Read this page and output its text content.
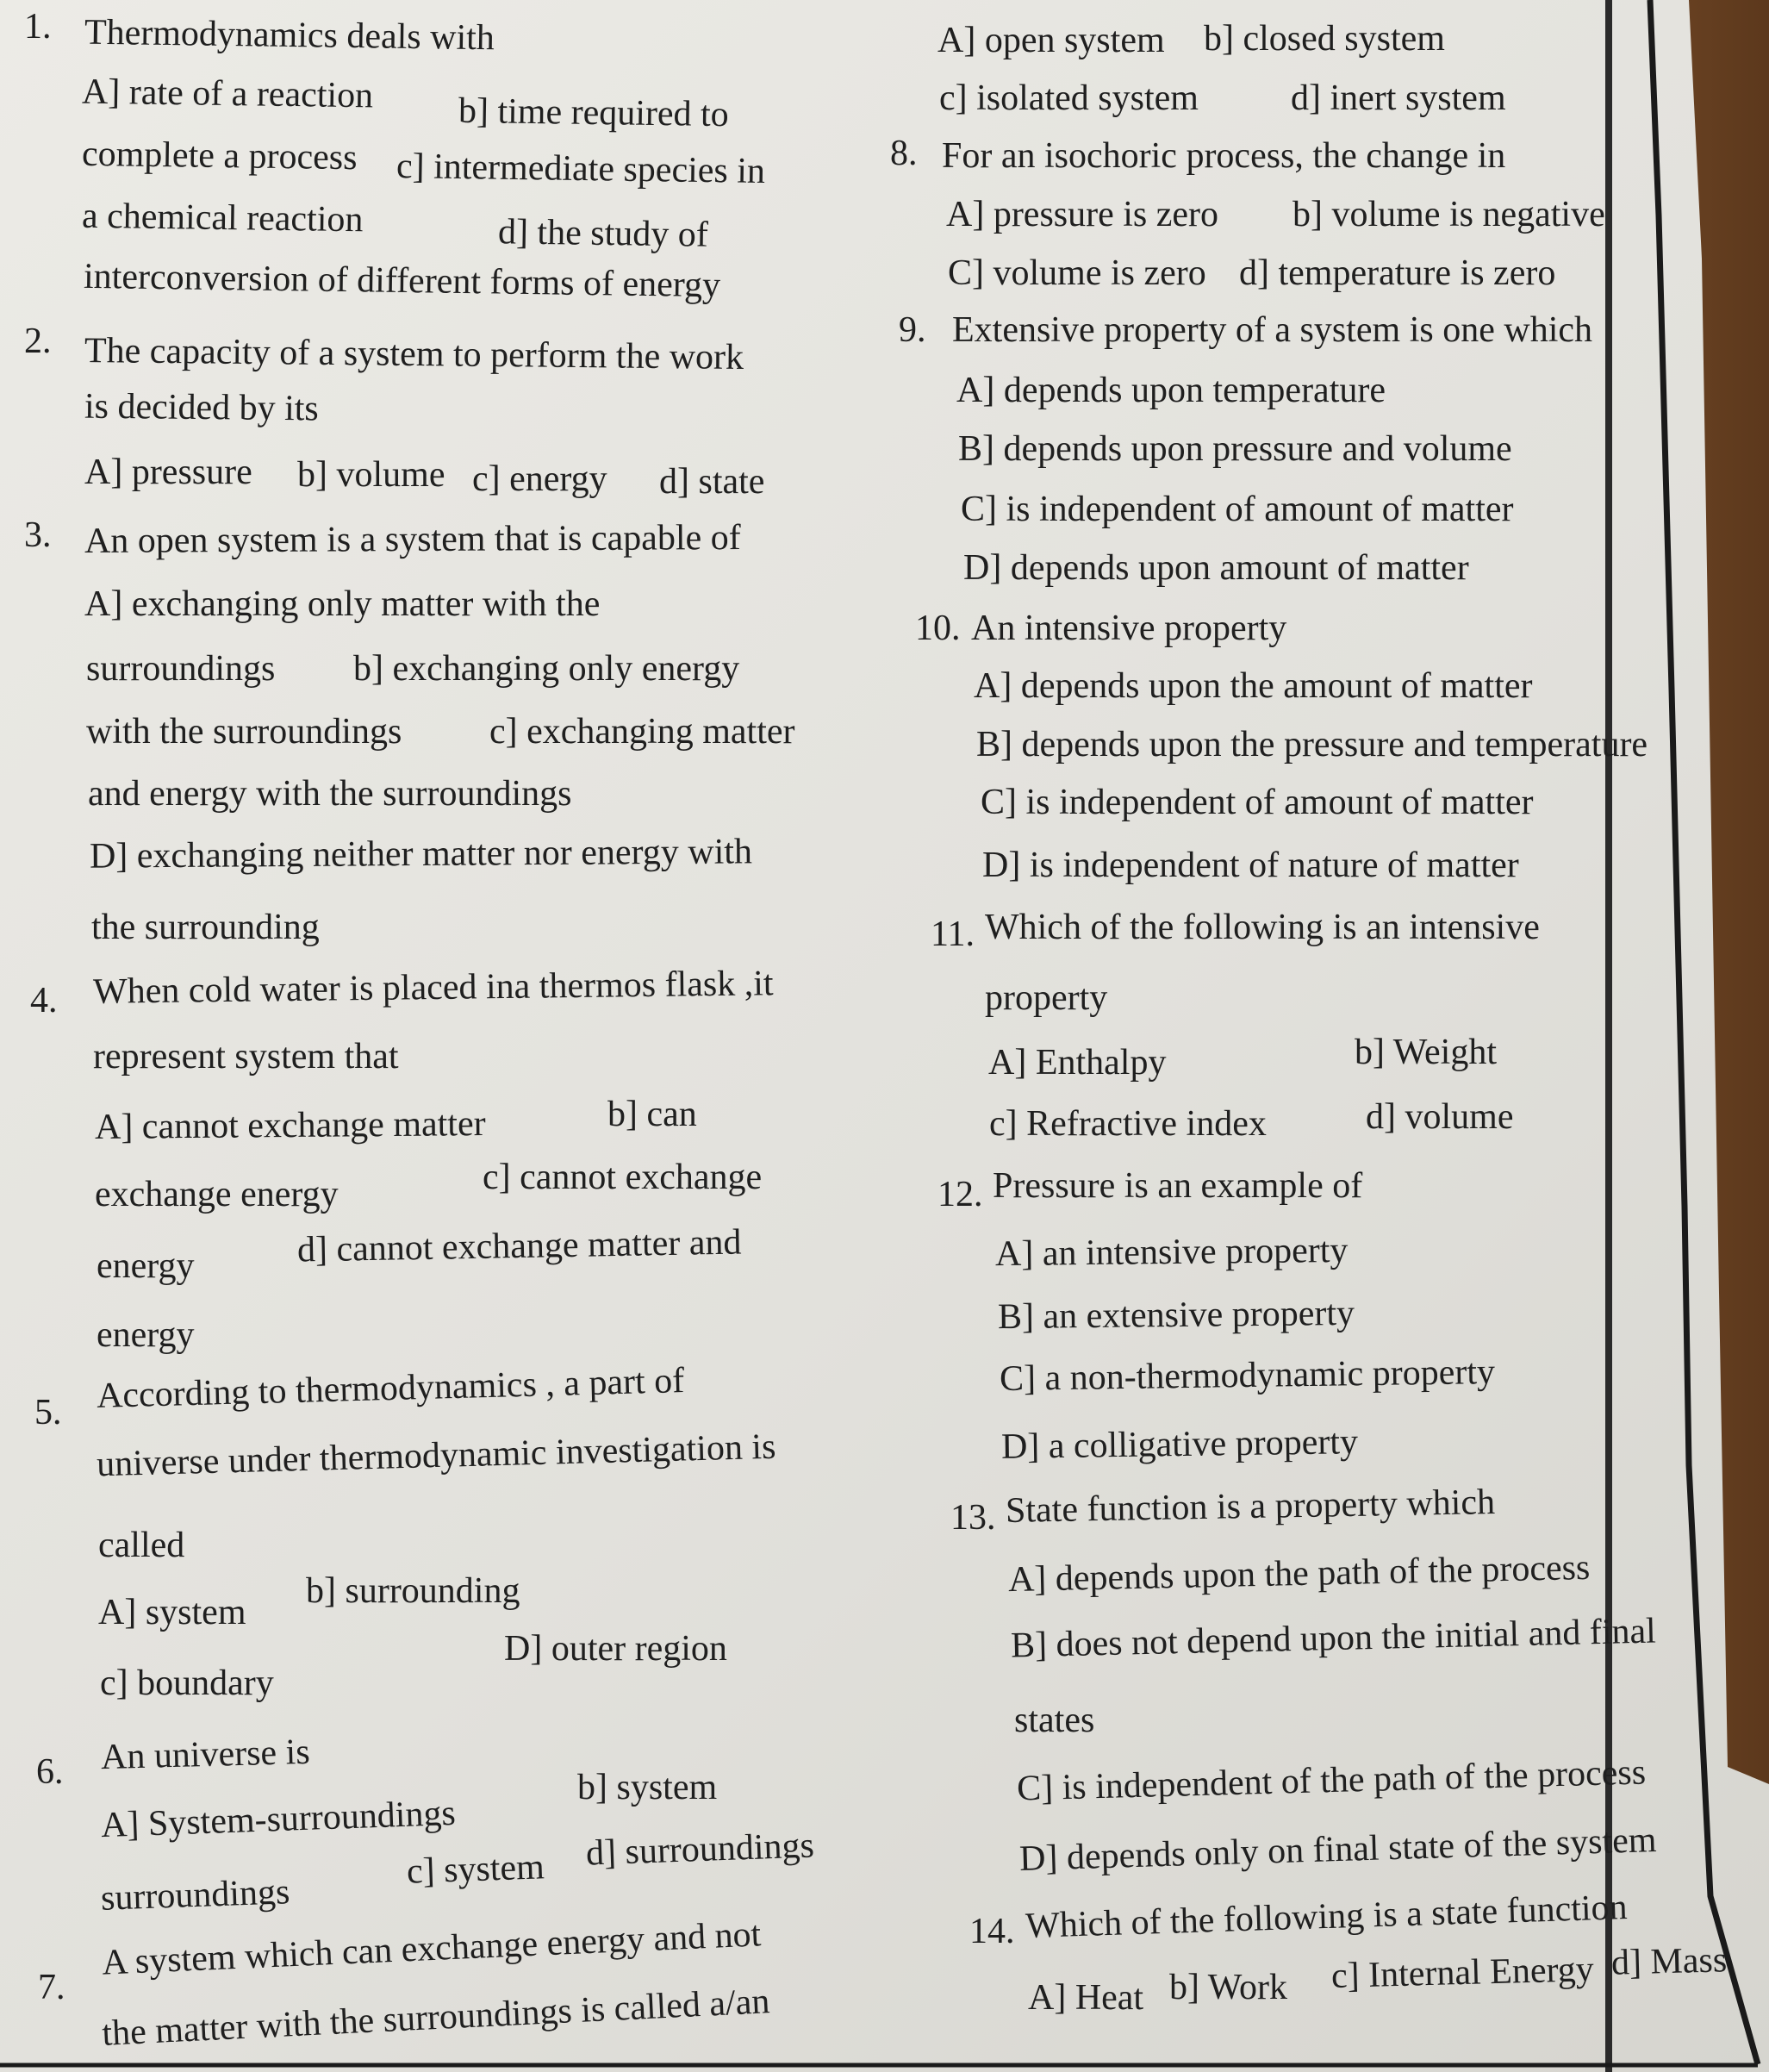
1. Thermodynamics deals with
A] rate of a reaction b] time required to
complete a process c] intermediate species in
a chemical reaction	d] the study of
interconversion of different forms of energy
2. The capacity of a system to perform the work
is decided by its
A] pressure b] volume c] energy d] state
3. An open system is a system that is capable of
A] exchanging only matter with the
surroundings b] exchanging only energy
with the surroundings c] exchanging matter
and energy with the surroundings
D] exchanging neither matter nor energy with
the surrounding
4. When cold water is placed ina thermos flask ,it
represent system that
A] cannot exchange matter	b] can
exchange energy	c] cannot exchange
energy	d] cannot exchange matter and
energy
5. According to thermodynamics , a part of
universe under thermodynamic investigation is
called
A] system
b] surrounding
c] boundary
D] outer region
6. An universe is
A] System-surroundings
b] system
surroundings
c] system d] surroundings
7.
A system which can exchange energy and not
the matter with the surroundings is called a/an
A] open system b] closed system
c] isolated system	d] inert system
8. For an isochoric process, the change in
A] pressure is zero b] volume is negative
C] volume is zero d] temperature is zero
9. Extensive property of a system is one which
A] depends upon temperature
B] depends upon pressure and volume
C] is independent of amount of matter
D] depends upon amount of matter
10. An intensive property
A] depends upon the amount of matter
B] depends upon the pressure and temperature
C] is independent of amount of matter
D] is independent of nature of matter
11. Which of the following is an intensive
property
A] Enthalpy	b] Weight
c] Refractive index	d] volume
12. Pressure is an example of
A] an intensive property
B] an extensive property
C] a non-thermodynamic property
D] a colligative property
13. State function is a property which
A] depends upon the path of the process
B] does not depend upon the initial and final
states
C] is independent of the path of the process
D] depends only on final state of the system
14. Which of the following is a state function
A] Heat b] Work c] Internal Energy d] Mass
